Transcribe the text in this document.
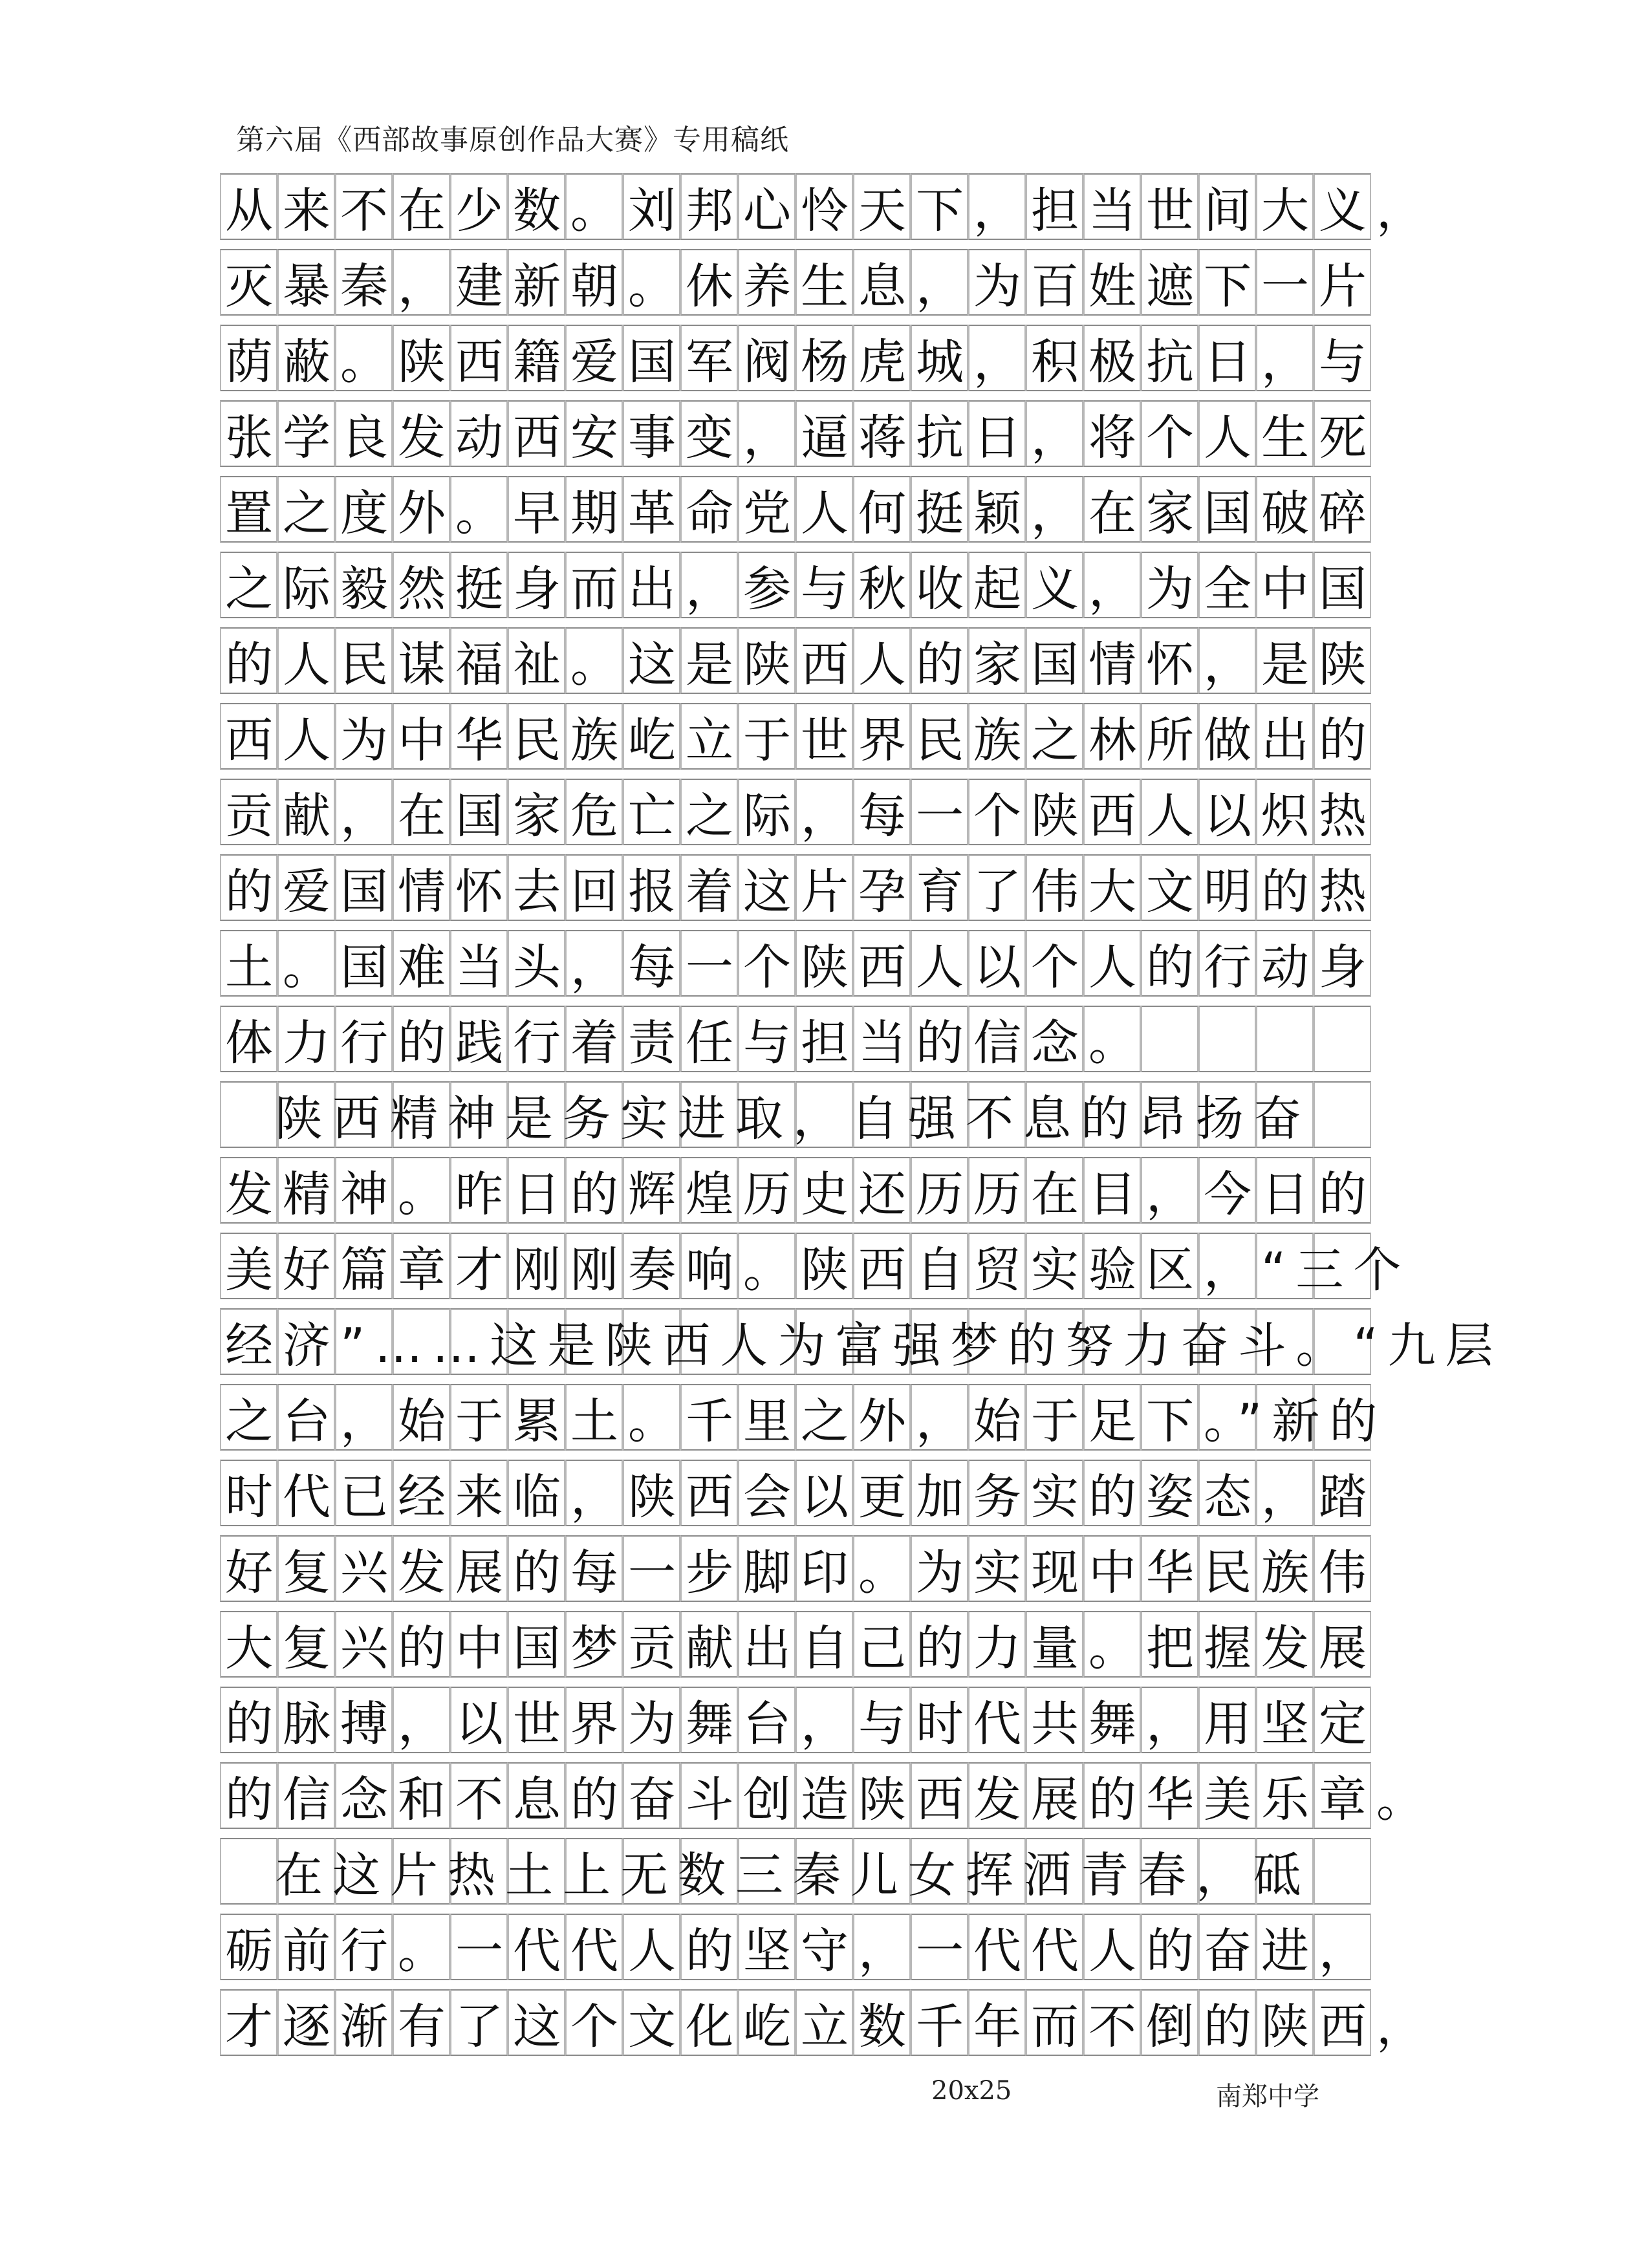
第六届《西部故事原创作品大赛》专用稿纸
从来不在少数。刘邦心怜天下，担当世间大义，
灭暴秦，建新朝。休养生息，为百姓遮下一片
荫蔽。陕西籍爱国军阀杨虎城，积极抗日，与
张学良发动西安事变，逼蒋抗日，将个人生死
置之度外。早期革命党人何挺颖，在家国破碎
之际毅然挺身而出，参与秋收起义，为全中国
的人民谋福祉。这是陕西人的家国情怀，是陕
西人为中华民族屹立于世界民族之林所做出的
贡献，在国家危亡之际，每一个陕西人以炽热
的爱国情怀去回报着这片孕育了伟大文明的热
土。国难当头，每一个陕西人以个人的行动身
体力行的践行着责任与担当的信念。
陕西精神是务实进取，自强不息的昂扬奋
发精神。昨日的辉煌历史还历历在目，今日的
美好篇章才刚刚奏响。陕西自贸实验区，“三个
经济”……这是陕西人为富强梦的努力奋斗。“九层
之台，始于累土。千里之外，始于足下。”新的
时代已经来临，陕西会以更加务实的姿态，踏
好复兴发展的每一步脚印。为实现中华民族伟
大复兴的中国梦贡献出自己的力量。把握发展
的脉搏，以世界为舞台，与时代共舞，用坚定
的信念和不息的奋斗创造陕西发展的华美乐章。
在这片热土上无数三秦儿女挥洒青春，砥
砺前行。一代代人的坚守，一代代人的奋进，
才逐渐有了这个文化屹立数千年而不倒的陕西，
20x25	南郑中学
